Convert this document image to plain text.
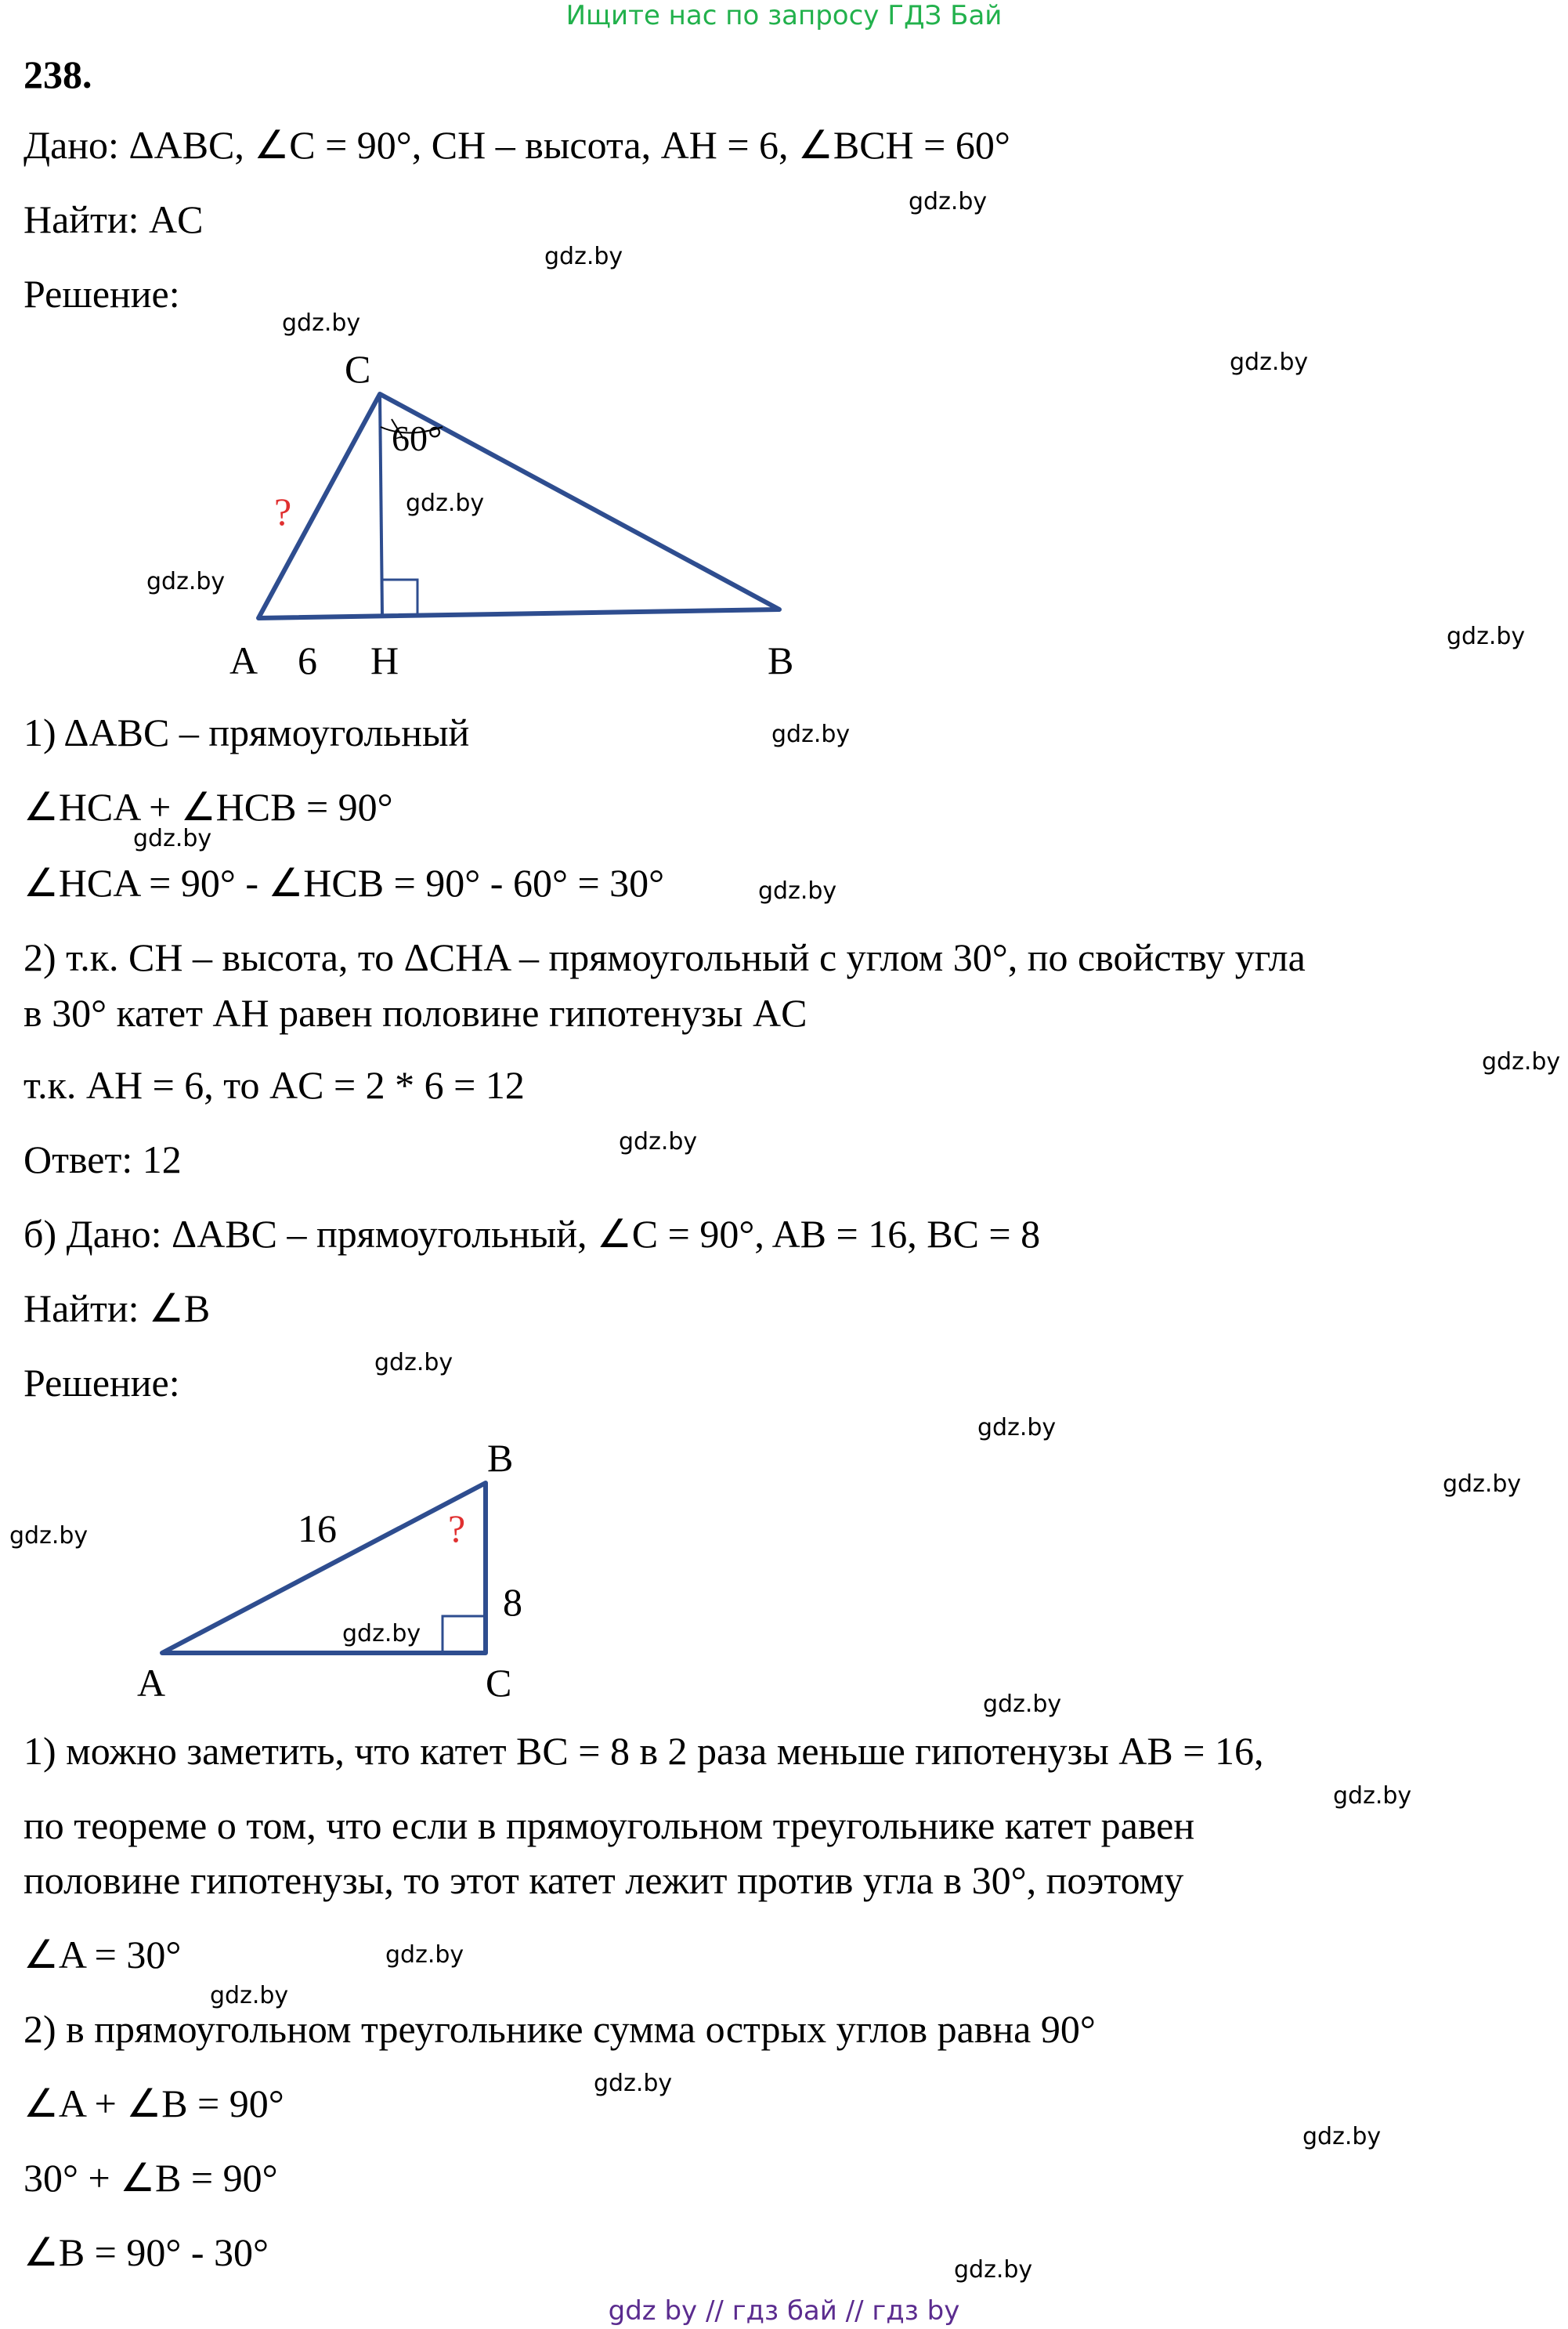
Ищите нас по запросу ГДЗ Бай
238.
Дано: ΔABC, ∠C = 90°, CH – высота, AH = 6, ∠BCH = 60°
Найти: AC
Решение:
C
A	H	B
6
60°
?
1) ΔABC – прямоугольный
∠HCA + ∠HCB = 90°
∠HCA = 90° - ∠HCB = 90° - 60° = 30°
2) т.к. CH – высота, то ΔCHA – прямоугольный с углом 30°, по свойству угла
в 30° катет AH равен половине гипотенузы AC
т.к. AH = 6, то AC = 2 * 6 = 12
Ответ: 12
б) Дано: ΔABC – прямоугольный, ∠C = 90°, AB = 16, BC = 8
Найти: ∠B
Решение:
B
A	C
16
8
?
1) можно заметить, что катет BC = 8 в 2 раза меньше гипотенузы AB = 16,
по теореме о том, что если в прямоугольном треугольнике катет равен
половине гипотенузы, то этот катет лежит против угла в 30°, поэтому
∠A = 30°
2) в прямоугольном треугольнике сумма острых углов равна 90°
∠A + ∠B = 90°
30° + ∠B = 90°
∠B = 90° - 30°
gdz.by
gdz.by
gdz.by
gdz.by
gdz.by
gdz.by
gdz.by
gdz.by
gdz.by
gdz.by
gdz.by
gdz.by
gdz.by
gdz.by
gdz.by
gdz.by
gdz.by
gdz.by
gdz.by
gdz.by
gdz.by
gdz.by
gdz.by
gdz.by
gdz by // гдз бай // гдз by
